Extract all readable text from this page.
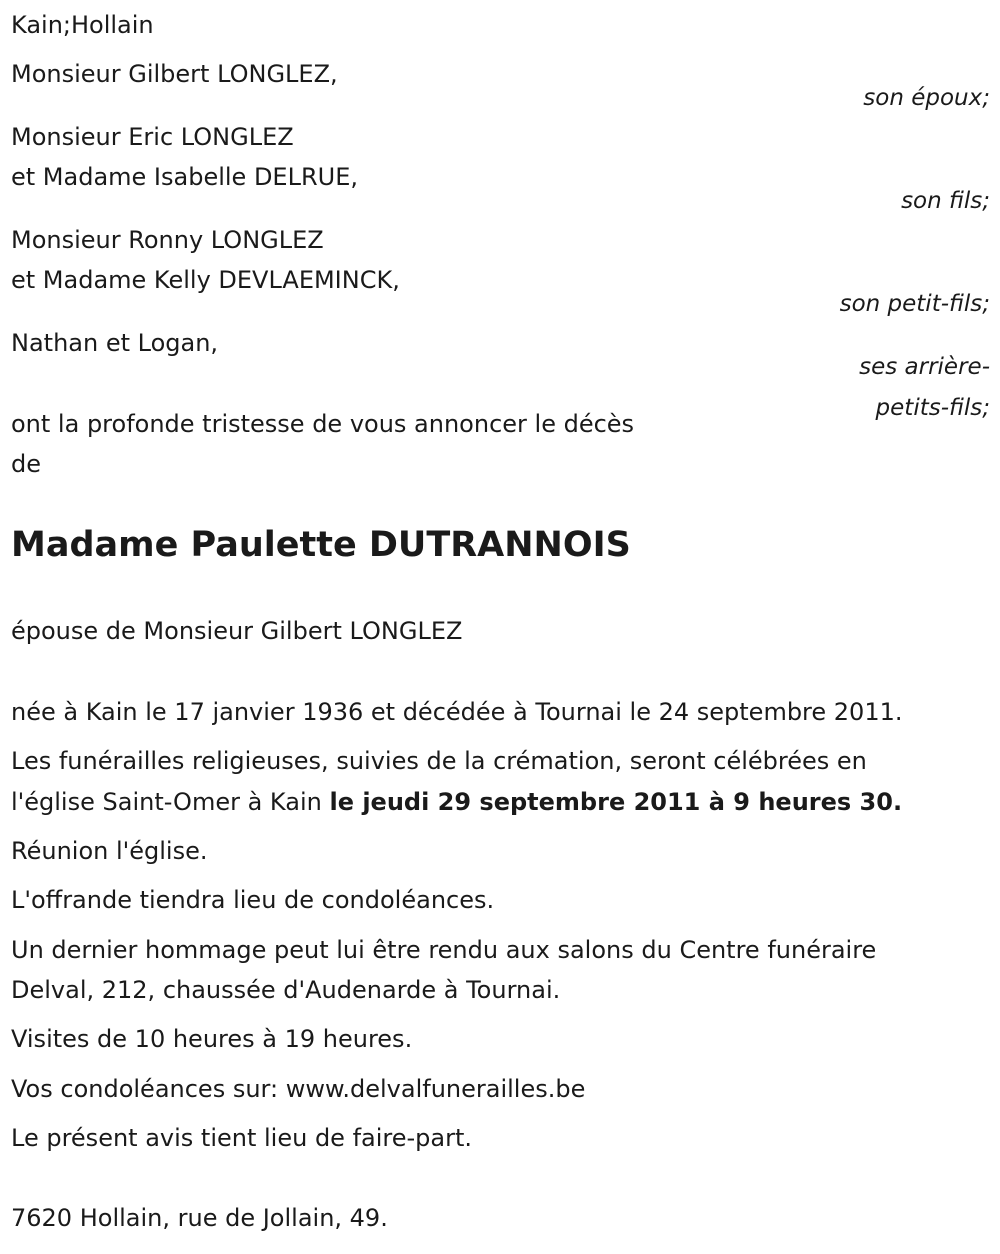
Kain;Hollain
Monsieur Gilbert LONGLEZ,
son époux;
Monsieur Eric LONGLEZ
et Madame Isabelle DELRUE,
son fils;
Monsieur Ronny LONGLEZ
et Madame Kelly DEVLAEMINCK,
son petit-fils;
Nathan et Logan,
ses arrière-
petits-fils;
ont la profonde tristesse de vous annoncer le décès
de
Madame Paulette DUTRANNOIS
épouse de Monsieur Gilbert LONGLEZ
née à Kain le 17 janvier 1936 et décédée à Tournai le 24 septembre 2011.
Les funérailles religieuses, suivies de la crémation, seront célébrées en
l'église Saint-Omer à Kain le jeudi 29 septembre 2011 à 9 heures 30.
Réunion l'église.
L'offrande tiendra lieu de condoléances.
Un dernier hommage peut lui être rendu aux salons du Centre funéraire
Delval, 212, chaussée d'Audenarde à Tournai.
Visites de 10 heures à 19 heures.
Vos condoléances sur: www.delvalfunerailles.be
Le présent avis tient lieu de faire-part.
7620 Hollain, rue de Jollain, 49.
